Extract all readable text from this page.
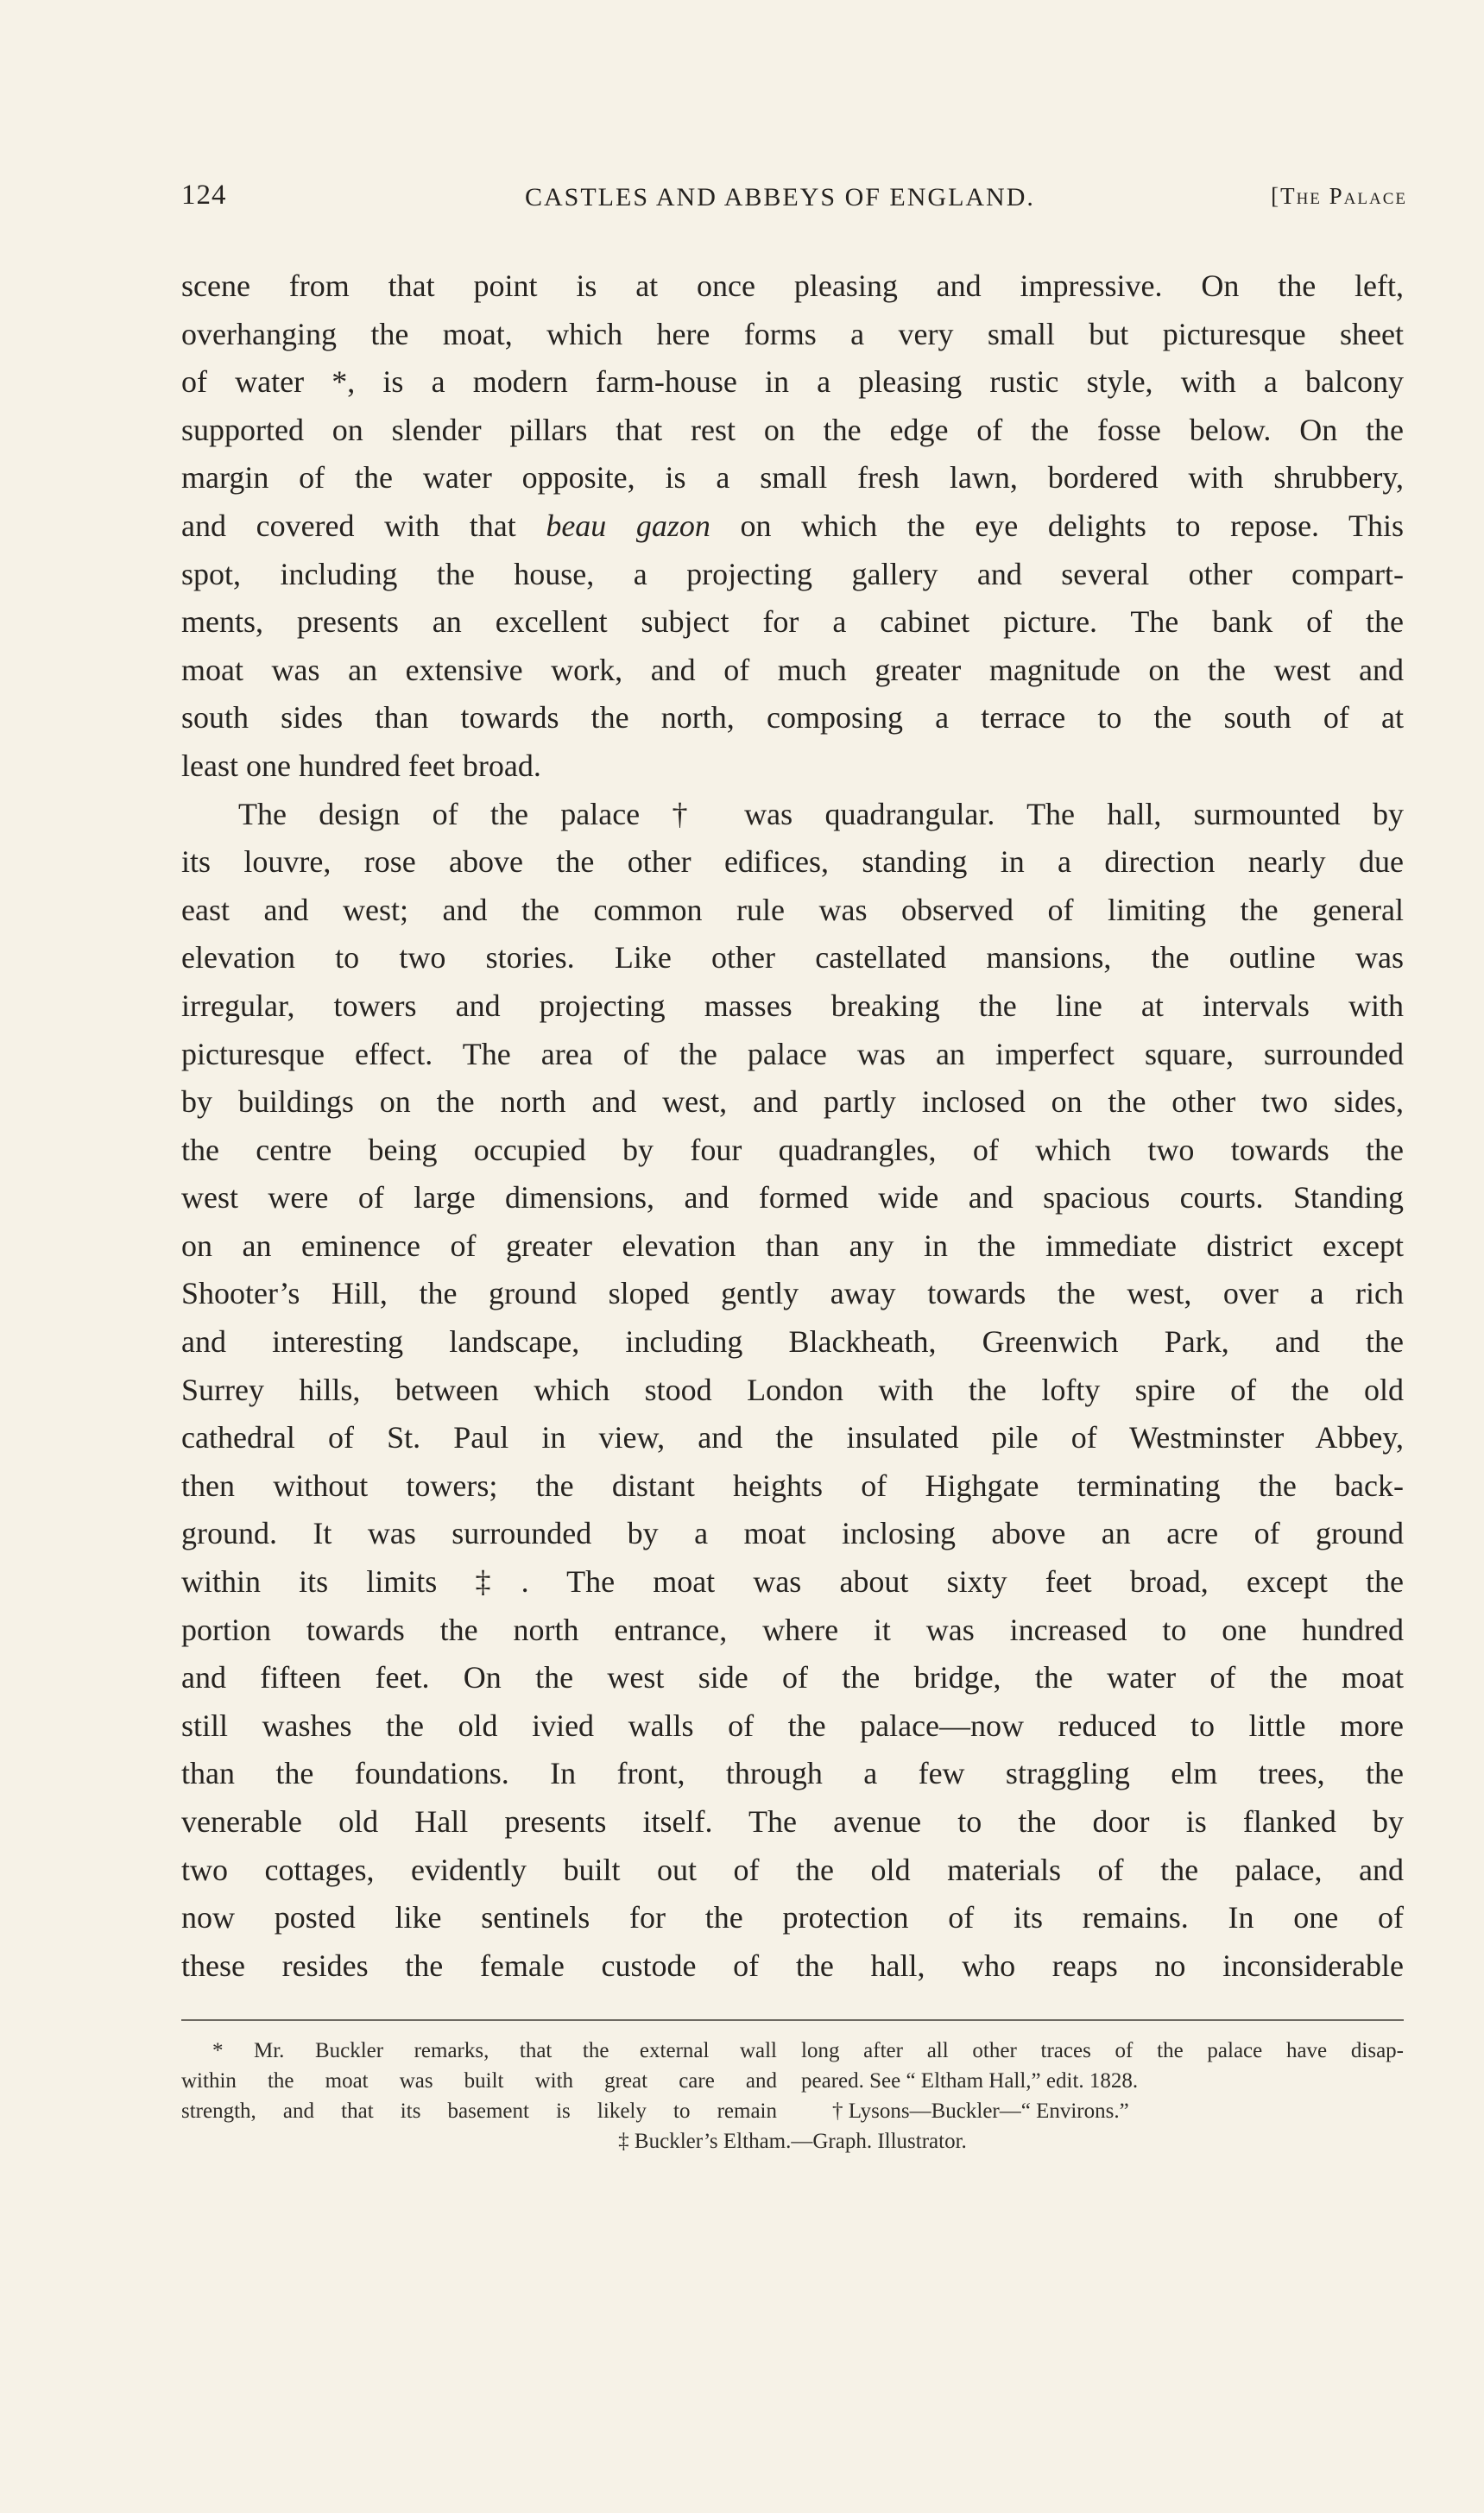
124	CASTLES AND ABBEYS OF ENGLAND.	[The Palace
scene from that point is at once pleasing and impressive. On the left,
overhanging the moat, which here forms a very small but picturesque sheet
of water *, is a modern farm-house in a pleasing rustic style, with a balcony
supported on slender pillars that rest on the edge of the fosse below. On the
margin of the water opposite, is a small fresh lawn, bordered with shrubbery,
and covered with that beau gazon on which the eye delights to repose. This
spot, including the house, a projecting gallery and several other compart-
ments, presents an excellent subject for a cabinet picture. The bank of the
moat was an extensive work, and of much greater magnitude on the west and
south sides than towards the north, composing a terrace to the south of at
least one hundred feet broad.
The design of the palace † was quadrangular. The hall, surmounted by
its louvre, rose above the other edifices, standing in a direction nearly due
east and west; and the common rule was observed of limiting the general
elevation to two stories. Like other castellated mansions, the outline was
irregular, towers and projecting masses breaking the line at intervals with
picturesque effect. The area of the palace was an imperfect square, surrounded
by buildings on the north and west, and partly inclosed on the other two sides,
the centre being occupied by four quadrangles, of which two towards the
west were of large dimensions, and formed wide and spacious courts. Standing
on an eminence of greater elevation than any in the immediate district except
Shooter’s Hill, the ground sloped gently away towards the west, over a rich
and interesting landscape, including Blackheath, Greenwich Park, and the
Surrey hills, between which stood London with the lofty spire of the old
cathedral of St. Paul in view, and the insulated pile of Westminster Abbey,
then without towers; the distant heights of Highgate terminating the back-
ground. It was surrounded by a moat inclosing above an acre of ground
within its limits ‡. The moat was about sixty feet broad, except the
portion towards the north entrance, where it was increased to one hundred
and fifteen feet. On the west side of the bridge, the water of the moat
still washes the old ivied walls of the palace—now reduced to little more
than the foundations. In front, through a few straggling elm trees, the
venerable old Hall presents itself. The avenue to the door is flanked by
two cottages, evidently built out of the old materials of the palace, and
now posted like sentinels for the protection of its remains. In one of
these resides the female custode of the hall, who reaps no inconsiderable
* Mr. Buckler remarks, that the external wall
within the moat was built with great care and
strength, and that its basement is likely to remain
long after all other traces of the palace have disap-
peared. See “ Eltham Hall,” edit. 1828.
† Lysons—Buckler—“ Environs.”
‡ Buckler’s Eltham.—Graph. Illustrator.
